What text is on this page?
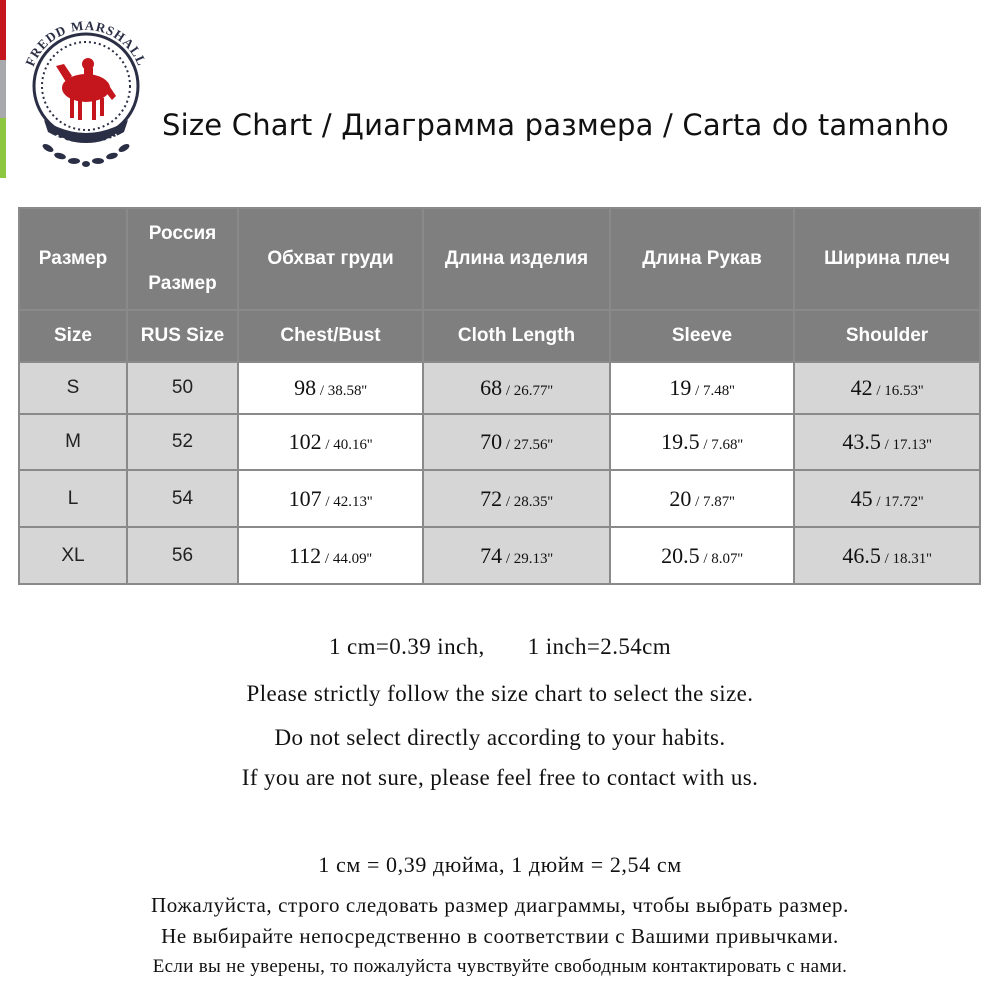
FREDD MARSHALL
ASSOCIATION Size Chart / Диаграмма размера / Carta do tamanho
Размер	Россия Размер	Обхват груди	Длина изделия	Длина Рукав	Ширина плеч
Size	RUS Size	Chest/Bust	Cloth Length	Sleeve	Shoulder
S	50	98 / 38.58''	68 / 26.77''	19 / 7.48''	42 / 16.53''
M	52	102 / 40.16''	70 / 27.56''	19.5 / 7.68''	43.5 / 17.13''
L	54	107 / 42.13''	72 / 28.35''	20 / 7.87''	45 / 17.72''
XL	56	112 / 44.09''	74 / 29.13''	20.5 / 8.07''	46.5 / 18.31''
1 cm=0.39 inch,       1 inch=2.54cm
Please strictly follow the size chart to select the size.
Do not select directly according to your habits.
If you are not sure, please feel free to contact with us.
1 см = 0,39 дюйма, 1 дюйм = 2,54 см
Пожалуйста, строго следовать размер диаграммы, чтобы выбрать размер.
Не выбирайте непосредственно в соответствии с Вашими привычками.
Если вы не уверены, то пожалуйста чувствуйте свободным контактировать с нами.
